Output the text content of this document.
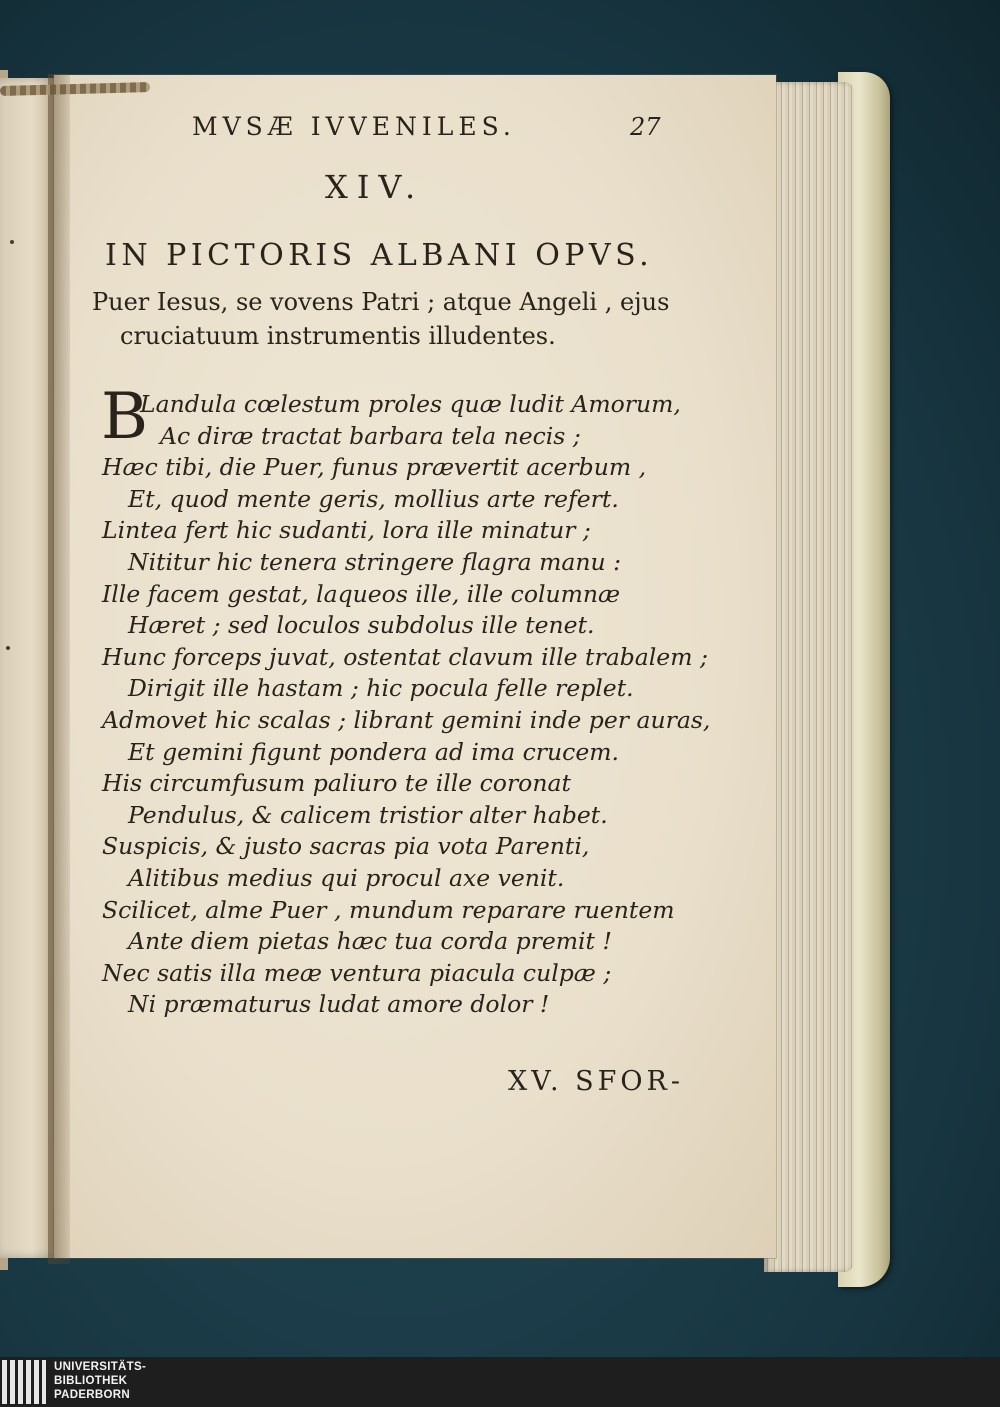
MVSÆ IVVENILES.	27
XIV.
IN PICTORIS ALBANI OPVS.
Puer Iesus, se vovens Patri ; atque Angeli , ejus
cruciatuum instrumentis illudentes.
B
Landula cœlestum proles quæ ludit Amorum,
Ac diræ tractat barbara tela necis ;
Hæc tibi, die Puer, funus prævertit acerbum ,
Et, quod mente geris, mollius arte refert.
Lintea fert hic sudanti, lora ille minatur ;
Nititur hic tenera stringere flagra manu :
Ille facem gestat, laqueos ille, ille columnæ
Hæret ; sed loculos subdolus ille tenet.
Hunc forceps juvat, ostentat clavum ille trabalem ;
Dirigit ille hastam ; hic pocula felle replet.
Admovet hic scalas ; librant gemini inde per auras,
Et gemini figunt pondera ad ima crucem.
His circumfusum paliuro te ille coronat
Pendulus, & calicem tristior alter habet.
Suspicis, & justo sacras pia vota Parenti,
Alitibus medius qui procul axe venit.
Scilicet, alme Puer , mundum reparare ruentem
Ante diem pietas hæc tua corda premit !
Nec satis illa meæ ventura piacula culpæ ;
Ni præmaturus ludat amore dolor !
XV. SFOR-
UNIVERSITÄTS-
BIBLIOTHEK
PADERBORN
